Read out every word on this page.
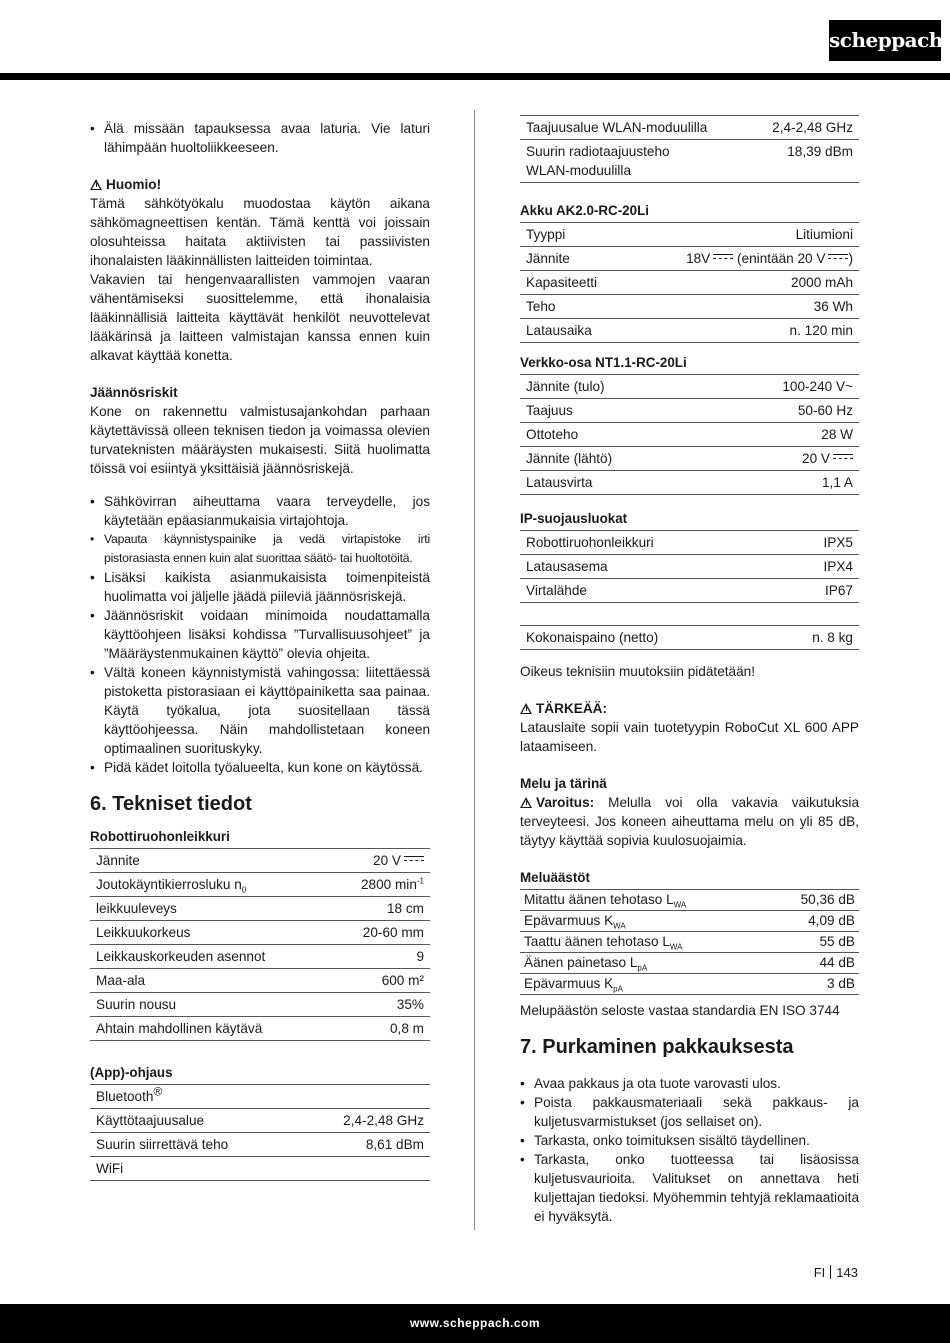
scheppach
• Älä missään tapauksessa avaa laturia. Vie laturi lähimpään huoltoliikkeeseen.

Huomio!

Tämä sähkötyökalu muodostaa käytön aikana sähkömagneettisen kentän. Tämä kenttä voi joissain olosuhteissa haitata aktiivisten tai passiivisten ihonalaisten lääkinnällisten laitteiden toimintaa.

Vakavien tai hengenvaarallisten vammojen vaaran vähentämiseksi suosittelemme, että ihonalaisia lääkinnällisiä laitteita käyttävät henkilöt neuvottelevat lääkärinsä ja laitteen valmistajan kanssa ennen kuin alkavat käyttää konetta.

Jäännösriskit

Kone on rakennettu valmistusajankohdan parhaan käytettävissä olleen teknisen tiedon ja voimassa olevien turvateknisten määräysten mukaisesti. Siitä huolimatta töissä voi esiintyä yksittäisiä jäännösriskejä.

• Sähkövirran aiheuttama vaara terveydelle, jos käytetään epäasianmukaisia virtajohtoja.
• Vapauta käynnistyspainike ja vedä virtapistoke irti pistorasiasta ennen kuin alat suorittaa säätö- tai huoltotöitä.
• Lisäksi kaikista asianmukaisista toimenpiteistä huolimatta voi jäljelle jäädä piileviä jäännösriskejä.
• Jäännösriskit voidaan minimoida noudattamalla käyttöohjeen lisäksi kohdissa ”Turvallisuusohjeet” ja ”Määräystenmukainen käyttö” olevia ohjeita.
• Vältä koneen käynnistymistä vahingossa: liitettäessä pistoketta pistorasiaan ei käyttöpainiketta saa painaa. Käytä työkalua, jota suositellaan tässä käyttöohjeessa. Näin mahdollistetaan koneen optimaalinen suorituskyky.
• Pidä kädet loitolla työalueelta, kun kone on käytössä.
6. Tekniset tiedot
Robottiruohonleikkuri
Jännite	20 V
Joutokäyntikierrosluku $n_0$	2800 $\min^{-1}$
leikkuuleveys	18 cm
Leikkuukorkeus	20-60 mm
Leikkauskorkeuden asennot	9
Maa-ala	600 m²
Suurin nousu	35%
Ahtain mahdollinen käytävä	0,8 m
(App)-ohjaus
Bluetooth®	
Käyttötaajuusalue	2,4-2,48 GHz
Suurin siirrettävä teho	8,61 dBm
WiFi	
Taajuusalue WLAN-moduulilla	2,4-2,48 GHz
Suurin radiotaajuusteho WLAN-moduulilla	18,39 dBm
Akku AK2.0-RC-20Li
Tyyppi	Litiumioni
Jännite	18V (enintään 20 V )
Kapasiteetti	2000 mAh
Teho	36 Wh
Latausaika	n. 120 min
Verkko-osa NT1.1-RC-20Li
Jännite (tulo)	100-240 V~
Taajuus	50-60 Hz
Ottoteho	28 W
Jännite (lähtö)	20 V
Latausvirta	1,1 A
IP-suojausluokat
Robottiruohonleikkuri	IPX5
Latausasema	IPX4
Virtalähde	IP67
Kokonaispaino (netto)	n. 8 kg

Oikeus teknisiin muutoksiin pidätetään!

TÄRKEÄÄ:

Latauslaite sopii vain tuotetyypin RoboCut XL 600 APP lataamiseen.

Melu ja tärinä

Varoitus: Melulla voi olla vakavia vaikutuksia terveyteesi. Jos koneen aiheuttama melu on yli 85 dB, täytyy käyttää sopivia kuulosuojaimia.

Meluäästöt
Mitattu äänen tehotaso $L_{WA}$	50,36 dB
Epävarmuus $K_{WA}$	4,09 dB
Taattu äänen tehotaso $L_{WA}$	55 dB
Äänen painetaso $L_{pA}$	44 dB
Epävarmuus $K_{pA}$	3 dB

Melupäästön seloste vastaa standardia EN ISO 3744

7. Purkaminen pakkauksesta
• Avaa pakkaus ja ota tuote varovasti ulos.
• Poista pakkausmateriaali sekä pakkaus- ja kuljetusvarmistukset (jos sellaiset on).
• Tarkasta, onko toimituksen sisältö täydellinen.
• Tarkasta, onko tuotteessa tai lisäosissa kuljetusvaurioita. Valitukset on annettava heti kuljettajan tiedoksi. Myöhemmin tehtyjä reklamaatioita ei hyväksytä.
FI 143
www.scheppach.com
